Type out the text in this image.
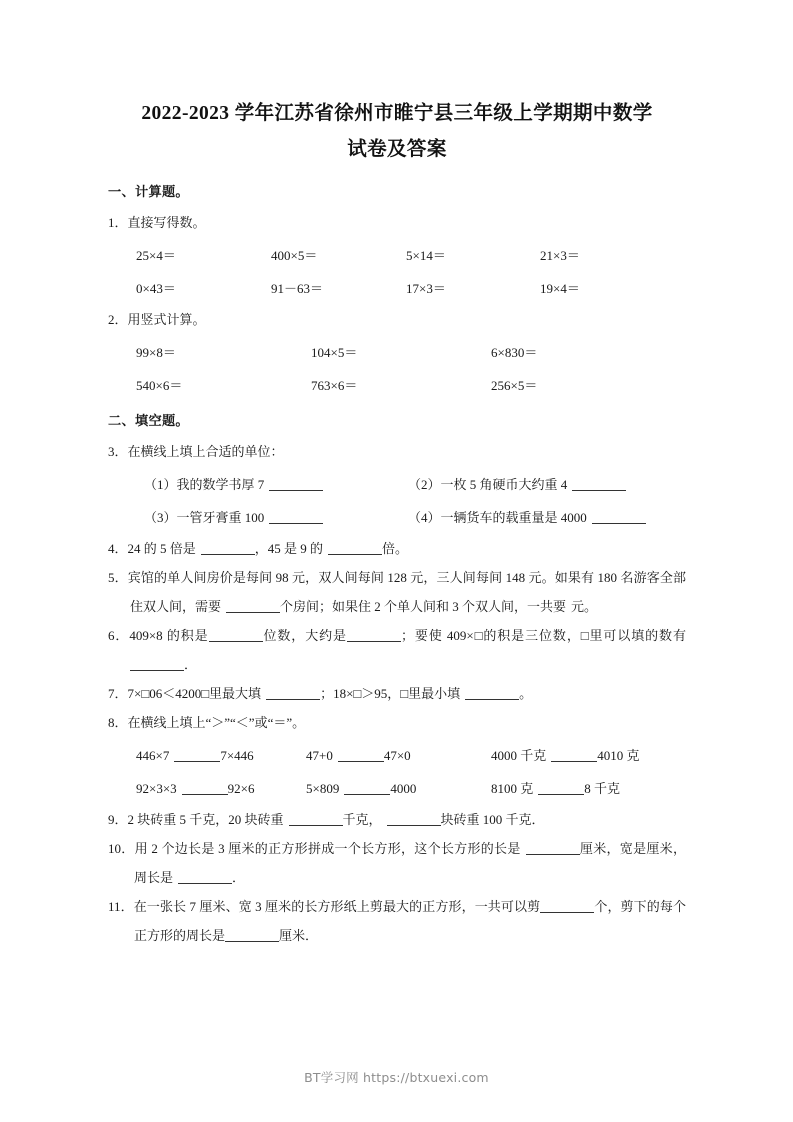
2022-2023 学年江苏省徐州市睢宁县三年级上学期期中数学
试卷及答案
一、计算题。
1．直接写得数。
25×4＝	400×5＝	5×14＝	21×3＝
0×43＝	91－63＝	17×3＝	19×4＝
2．用竖式计算。
99×8＝	104×5＝	6×830＝
540×6＝	763×6＝	256×5＝
二、填空题。
3．在横线上填上合适的单位：
（1）我的数学书厚 7	（2）一枚 5 角硬币大约重 4
（3）一管牙膏重 100	（4）一辆货车的载重量是 4000

4．24 的 5 倍是	，45 是 9 的	倍。

5．宾馆的单人间房价是每间 98 元，双人间每间 128 元，三人间每间 148 元。如果有 180 名游客全部住双人间，需要	个房间；如果住 2 个单人间和 3 个双人间，一共要 元。

6．409×8 的积是	位数，大约是	；要使 409×□的积是三位数，□里可以填的数有．

7．7×□06＜4200□里最大填	；18×□＞95，□里最小填	。

8．在横线上填上“＞”“＜”或“＝”。
446×7	7×446	47+0	47×0	4000 千克	4010 克
92×3×3	92×6	5×809	4000	8100 克	8 千克

9．2 块砖重 5 千克，20 块砖重	千克，	块砖重 100 千克．

10．用 2 个边长是 3 厘米的正方形拼成一个长方形，这个长方形的长是	厘米，宽是厘米，周长是	．

11．在一张长 7 厘米、宽 3 厘米的长方形纸上剪最大的正方形，一共可以剪	个，剪下的每个正方形的周长是	厘米．

BT学习网 https://btxuexi.com
